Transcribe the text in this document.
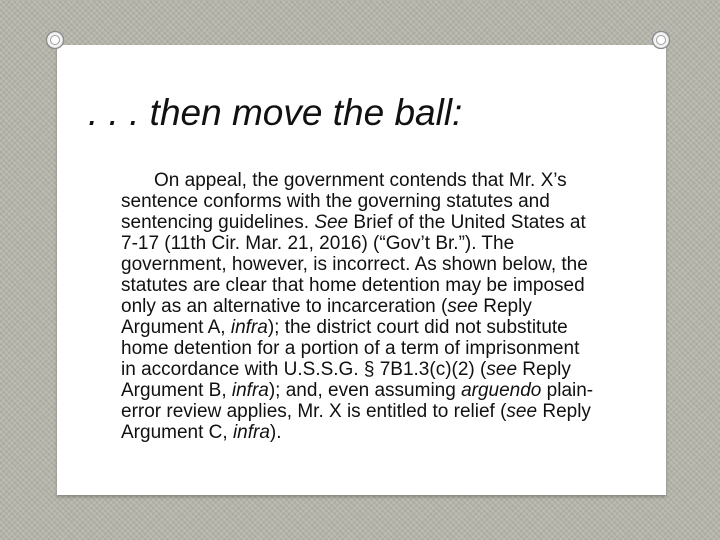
. . . then move the ball:

On appeal, the government contends that Mr. X’s sentence conforms with the governing statutes and sentencing guidelines. See Brief of the United States at 7-17 (11th Cir. Mar. 21, 2016) (“Gov’t Br.”). The government, however, is incorrect. As shown below, the statutes are clear that home detention may be imposed only as an alternative to incarceration (see Reply Argument A, infra); the district court did not substitute home detention for a portion of a term of imprisonment in accordance with U.S.S.G. § 7B1.3(c)(2) (see Reply Argument B, infra); and, even assuming arguendo plain-error review applies, Mr. X is entitled to relief (see Reply Argument C, infra).
